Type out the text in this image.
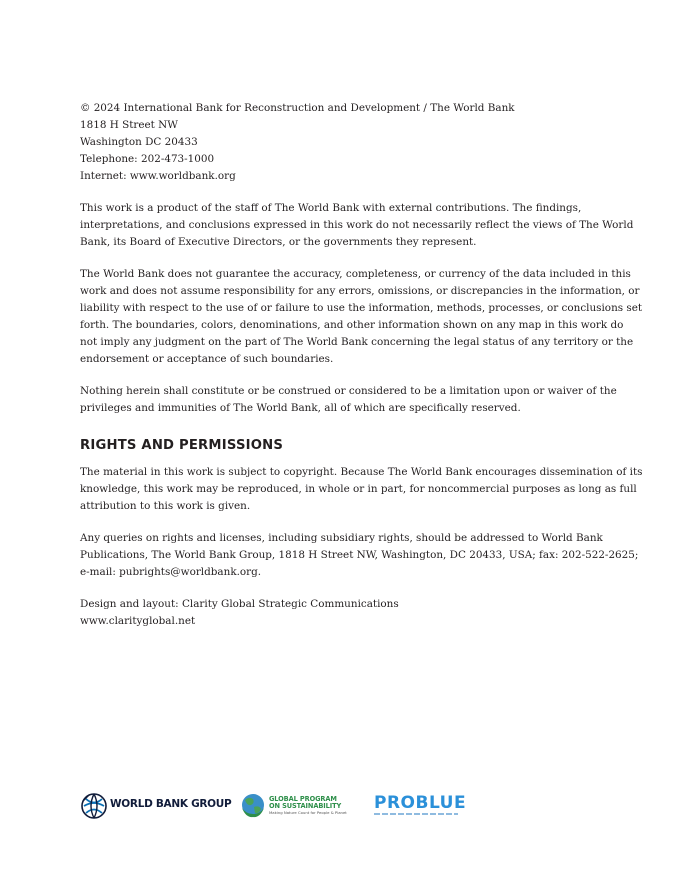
© 2024 International Bank for Reconstruction and Development / The World Bank
1818 H Street NW
Washington DC 20433
Telephone: 202-473-1000
Internet: www.worldbank.org
This work is a product of the staff of The World Bank with external contributions. The findings,
interpretations, and conclusions expressed in this work do not necessarily reflect the views of The World
Bank, its Board of Executive Directors, or the governments they represent.
The World Bank does not guarantee the accuracy, completeness, or currency of the data included in this
work and does not assume responsibility for any errors, omissions, or discrepancies in the information, or
liability with respect to the use of or failure to use the information, methods, processes, or conclusions set
forth. The boundaries, colors, denominations, and other information shown on any map in this work do
not imply any judgment on the part of The World Bank concerning the legal status of any territory or the
endorsement or acceptance of such boundaries.
Nothing herein shall constitute or be construed or considered to be a limitation upon or waiver of the
privileges and immunities of The World Bank, all of which are specifically reserved.
RIGHTS AND PERMISSIONS
The material in this work is subject to copyright. Because The World Bank encourages dissemination of its
knowledge, this work may be reproduced, in whole or in part, for noncommercial purposes as long as full
attribution to this work is given.
Any queries on rights and licenses, including subsidiary rights, should be addressed to World Bank
Publications, The World Bank Group, 1818 H Street NW, Washington, DC 20433, USA; fax: 202-522-2625;
e-mail: pubrights@worldbank.org.
Design and layout: Clarity Global Strategic Communications
www.clarityglobal.net
WORLD BANK GROUP	GLOBAL PROGRAM
ON SUSTAINABILITY
Making Nature Count for People & Planet PROBLUE
